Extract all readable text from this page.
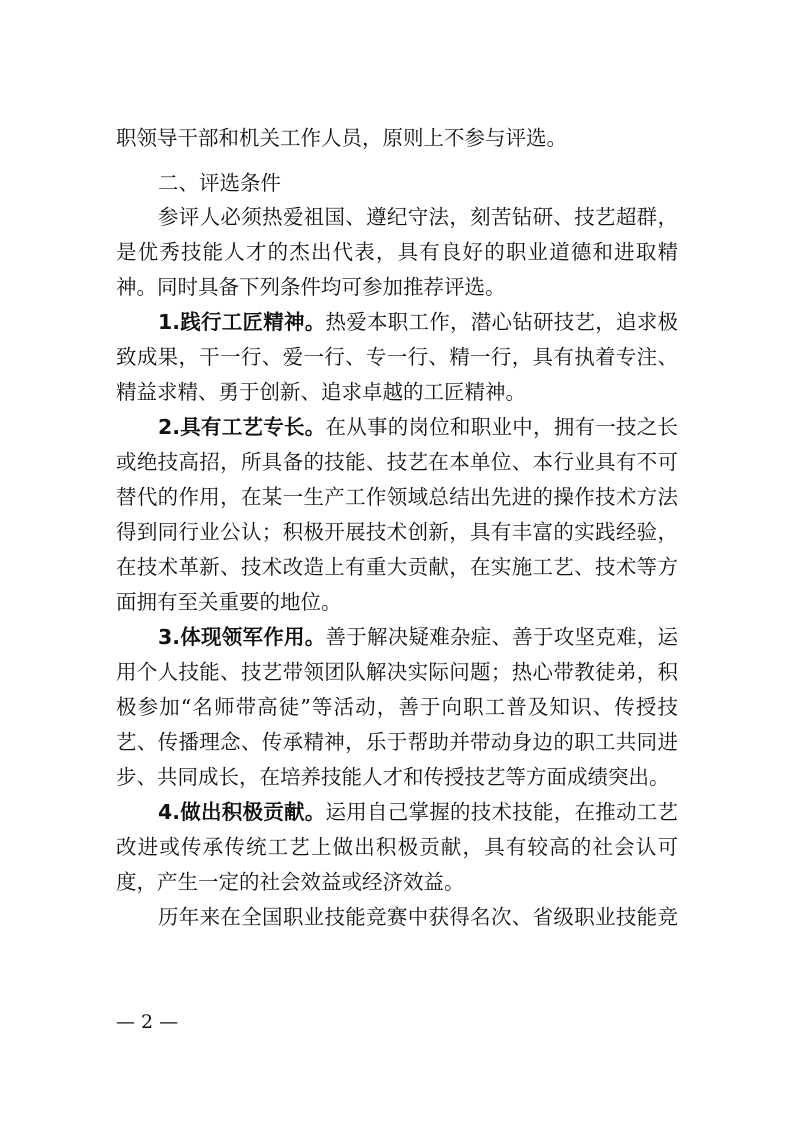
职领导干部和机关工作人员，原则上不参与评选。
二、评选条件
参评人必须热爱祖国、遵纪守法，刻苦钻研、技艺超群，
是优秀技能人才的杰出代表，具有良好的职业道德和进取精
神。同时具备下列条件均可参加推荐评选。
1.践行工匠精神。热爱本职工作，潜心钻研技艺，追求极
致成果，干一行、爱一行、专一行、精一行，具有执着专注、
精益求精、勇于创新、追求卓越的工匠精神。
2.具有工艺专长。在从事的岗位和职业中，拥有一技之长
或绝技高招，所具备的技能、技艺在本单位、本行业具有不可
替代的作用，在某一生产工作领域总结出先进的操作技术方法
得到同行业公认；积极开展技术创新，具有丰富的实践经验，
在技术革新、技术改造上有重大贡献，在实施工艺、技术等方
面拥有至关重要的地位。
3.体现领军作用。善于解决疑难杂症、善于攻坚克难，运
用个人技能、技艺带领团队解决实际问题；热心带教徒弟，积
极参加“名师带高徒”等活动，善于向职工普及知识、传授技
艺、传播理念、传承精神，乐于帮助并带动身边的职工共同进
步、共同成长，在培养技能人才和传授技艺等方面成绩突出。
4.做出积极贡献。运用自己掌握的技术技能，在推动工艺
改进或传承传统工艺上做出积极贡献，具有较高的社会认可
度，产生一定的社会效益或经济效益。
历年来在全国职业技能竞赛中获得名次、省级职业技能竞
— 2 —
